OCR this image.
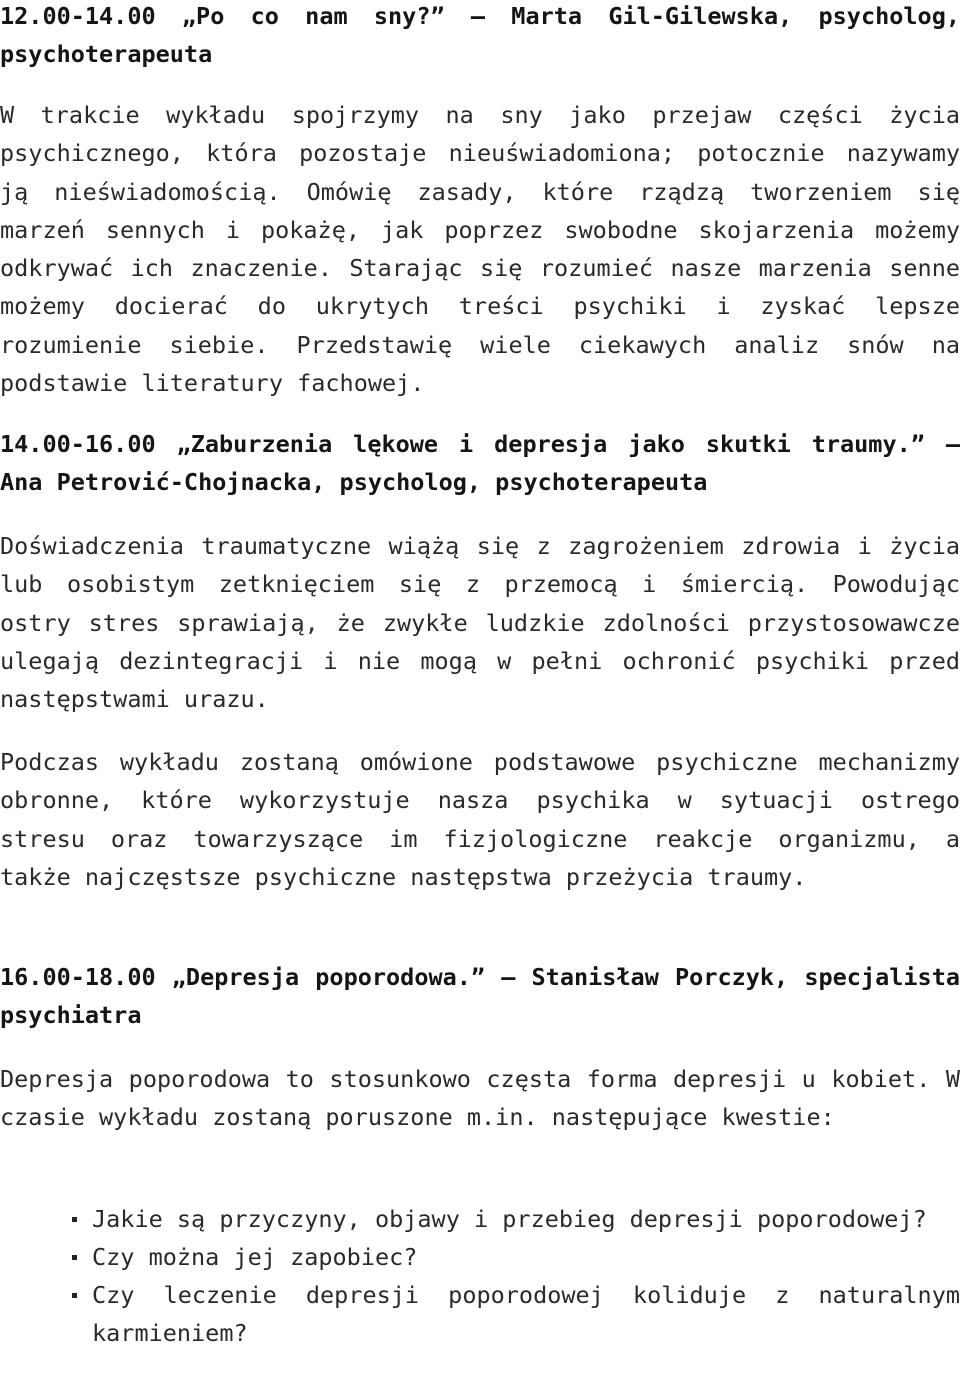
12.00-14.00 „Po co nam sny?” – Marta Gil-Gilewska, psycholog, psychoterapeuta

W trakcie wykładu spojrzymy na sny jako przejaw części życia psychicznego, która pozostaje nieuświadomiona; potocznie nazywamy ją nieświadomością. Omówię zasady, które rządzą tworzeniem się marzeń sennych i pokażę, jak poprzez swobodne skojarzenia możemy odkrywać ich znaczenie. Starając się rozumieć nasze marzenia senne możemy docierać do ukrytych treści psychiki i zyskać lepsze rozumienie siebie. Przedstawię wiele ciekawych analiz snów na podstawie literatury fachowej.

14.00-16.00 „Zaburzenia lękowe i depresja jako skutki traumy.” – Ana Petrović-Chojnacka, psycholog, psychoterapeuta

Doświadczenia traumatyczne wiążą się z zagrożeniem zdrowia i życia lub osobistym zetknięciem się z przemocą i śmiercią. Powodując ostry stres sprawiają, że zwykłe ludzkie zdolności przystosowawcze ulegają dezintegracji i nie mogą w pełni ochronić psychiki przed następstwami urazu.

Podczas wykładu zostaną omówione podstawowe psychiczne mechanizmy obronne, które wykorzystuje nasza psychika w sytuacji ostrego stresu oraz towarzyszące im fizjologiczne reakcje organizmu, a także najczęstsze psychiczne następstwa przeżycia traumy.

16.00-18.00 „Depresja poporodowa.” – Stanisław Porczyk, specjalista psychiatra

Depresja poporodowa to stosunkowo częsta forma depresji u kobiet. W czasie wykładu zostaną poruszone m.in. następujące kwestie:

Jakie są przyczyny, objawy i przebieg depresji poporodowej?
Czy można jej zapobiec?
Czy leczenie depresji poporodowej koliduje z naturalnym karmieniem?
